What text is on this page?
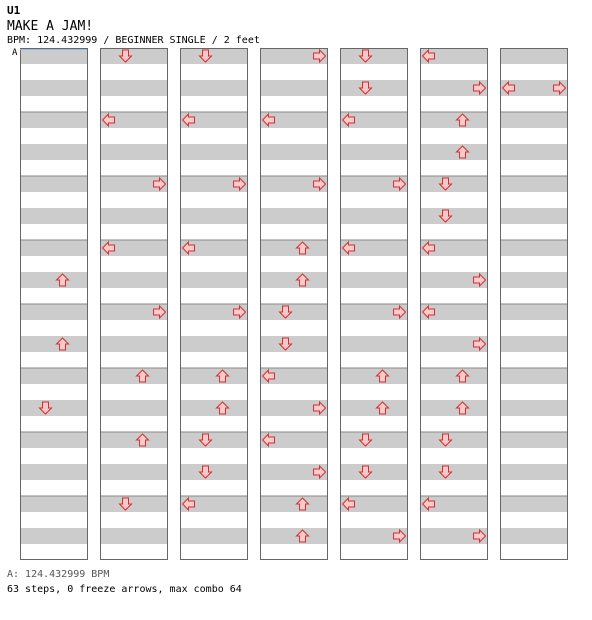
U1
MAKE A JAM!
BPM: 124.432999 / BEGINNER SINGLE / 2 feet
A
A: 124.432999 BPM
63 steps, 0 freeze arrows, max combo 64
